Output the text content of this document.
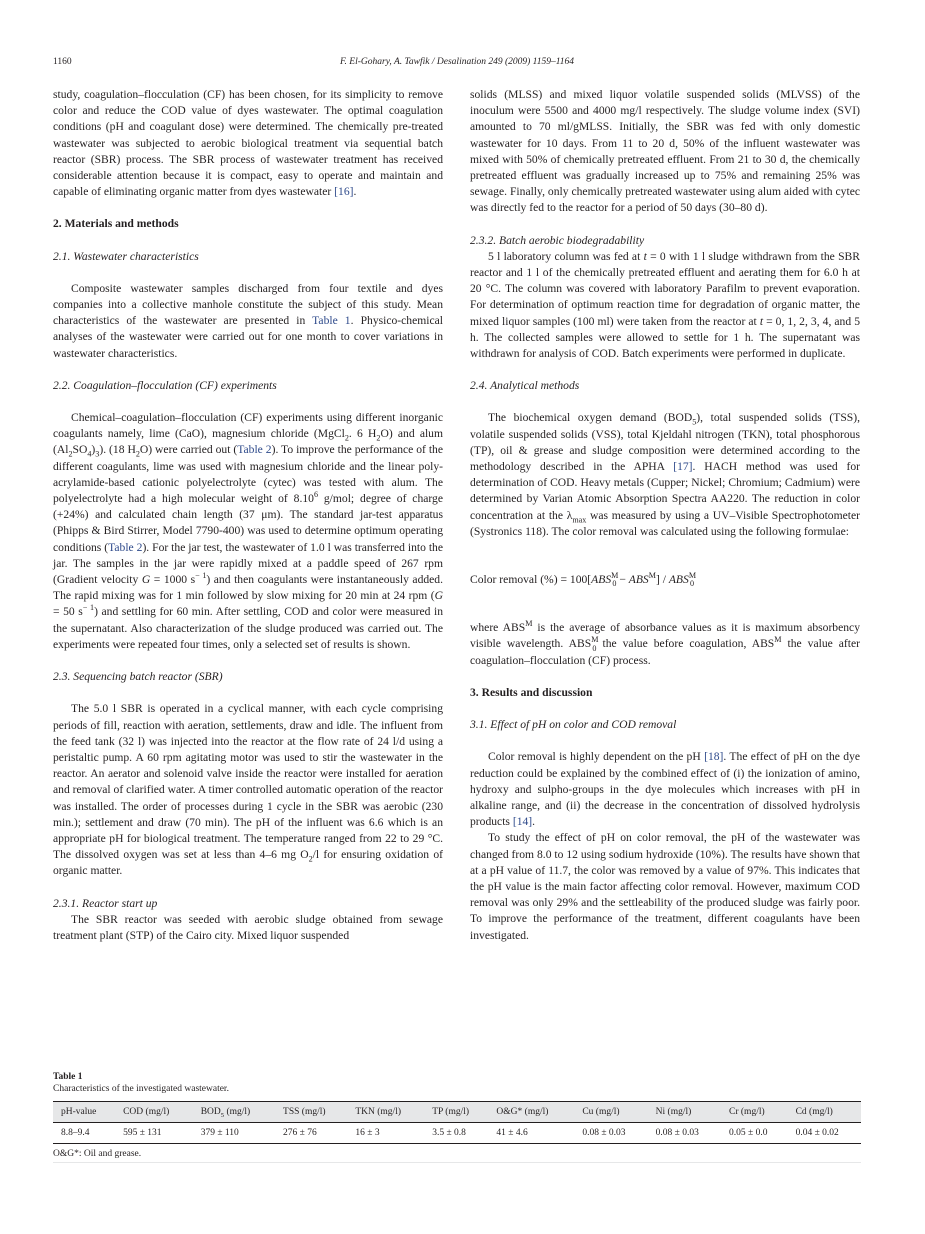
1160	F. El-Gohary, A. Tawfik / Desalination 249 (2009) 1159–1164

study, coagulation–flocculation (CF) has been chosen, for its simplicity to remove color and reduce the COD value of dyes wastewater. The optimal coagulation conditions (pH and coagulant dose) were determined. The chemically pre-treated wastewater was subjected to aerobic biological treatment via sequential batch reactor (SBR) process. The SBR process of wastewater treatment has received considerable attention because it is compact, easy to operate and maintain and capable of eliminating organic matter from dyes wastewater [16].

2. Materials and methods

2.1. Wastewater characteristics

Composite wastewater samples discharged from four textile and dyes companies into a collective manhole constitute the subject of this study. Mean characteristics of the wastewater are presented in Table 1. Physico-chemical analyses of the wastewater were carried out for one month to cover variations in wastewater characteristics.

2.2. Coagulation–flocculation (CF) experiments

Chemical–coagulation–flocculation (CF) experiments using different inorganic coagulants namely, lime (CaO), magnesium chloride (MgCl$_2$. 6 $H_2O$) and alum $(Al_2SO_4)_3$). (18 $H_2O$) were carried out (Table 2). To improve the performance of the different coagulants, lime was used with magnesium chloride and the linear poly-acrylamide-based cationic polyelectrolyte (cytec) was tested with alum. The polyelectrolyte had a high molecular weight of 8.10$^6$ g/mol; degree of charge (+24%) and calculated chain length (37 μm). The standard jar-test apparatus (Phipps & Bird Stirrer, Model 7790-400) was used to determine optimum operating conditions (Table 2). For the jar test, the wastewater of 1.0 l was transferred into the jar. The samples in the jar were rapidly mixed at a paddle speed of 267 rpm (Gradient velocity G = 1000 $s^{- 1}$) and then coagulants were instantaneously added. The rapid mixing was for 1 min followed by slow mixing for 20 min at 24 rpm (G = 50 $s^{- 1}$) and settling for 60 min. After settling, COD and color were measured in the supernatant. Also characterization of the sludge produced was carried out. The experiments were repeated four times, only a selected set of results is shown.

2.3. Sequencing batch reactor (SBR)

The 5.0 l SBR is operated in a cyclical manner, with each cycle comprising periods of fill, reaction with aeration, settlements, draw and idle. The influent from the feed tank (32 l) was injected into the reactor at the flow rate of 24 l/d using a peristaltic pump. A 60 rpm agitating motor was used to stir the wastewater in the reactor. An aerator and solenoid valve inside the reactor were installed for aeration and removal of clarified water. A timer controlled automatic operation of the reactor was installed. The order of processes during 1 cycle in the SBR was aerobic (230 min.); settlement and draw (70 min). The pH of the influent was 6.6 which is an appropriate pH for biological treatment. The temperature ranged from 22 to 29 °C. The dissolved oxygen was set at less than 4–6 mg $O_2/l$ for ensuring oxidation of organic matter.

2.3.1. Reactor start up

The SBR reactor was seeded with aerobic sludge obtained from sewage treatment plant (STP) of the Cairo city. Mixed liquor suspended

solids (MLSS) and mixed liquor volatile suspended solids (MLVSS) of the inoculum were 5500 and 4000 mg/l respectively. The sludge volume index (SVI) amounted to 70 ml/gMLSS. Initially, the SBR was fed with only domestic wastewater for 10 days. From 11 to 20 d, 50% of the influent wastewater was mixed with 50% of chemically pretreated effluent. From 21 to 30 d, the chemically pretreated effluent was gradually increased up to 75% and remaining 25% was sewage. Finally, only chemically pretreated wastewater using alum aided with cytec was directly fed to the reactor for a period of 50 days (30–80 d).

2.3.2. Batch aerobic biodegradability

5 l laboratory column was fed at t = 0 with 1 l sludge withdrawn from the SBR reactor and 1 l of the chemically pretreated effluent and aerating them for 6.0 h at 20 °C. The column was covered with laboratory Parafilm to prevent evaporation. For determination of optimum reaction time for degradation of organic matter, the mixed liquor samples (100 ml) were taken from the reactor at t = 0, 1, 2, 3, 4, and 5 h. The collected samples were allowed to settle for 1 h. The supernatant was withdrawn for analysis of COD. Batch experiments were performed in duplicate.

2.4. Analytical methods

The biochemical oxygen demand $(BOD_5)$, total suspended solids (TSS), volatile suspended solids (VSS), total Kjeldahl nitrogen (TKN), total phosphorous (TP), oil & grease and sludge composition were determined according to the methodology described in the APHA [17]. HACH method was used for determination of COD. Heavy metals (Cupper; Nickel; Chromium; Cadmium) were determined by Varian Atomic Absorption Spectra AA220. The reduction in color concentration at the $\lambda_{max}$ was measured by using a UV–Visible Spectrophotometer (Systronics 118). The color removal was calculated using the following formulae:

Color removal (%) = $100[ABS^M_0 - ABS^M] / ABS^M_0$

where $ABS^M$ is the average of absorbance values as it is maximum absorbency visible wavelength. $ABS^M_0$ the value before coagulation, $ABS^M$ the value after coagulation–flocculation (CF) process.

3. Results and discussion

3.1. Effect of pH on color and COD removal

Color removal is highly dependent on the pH [18]. The effect of pH on the dye reduction could be explained by the combined effect of (i) the ionization of amino, hydroxy and sulpho-groups in the dye molecules which increases with pH in alkaline range, and (ii) the decrease in the concentration of dissolved hydrolysis products [14].

To study the effect of pH on color removal, the pH of the wastewater was changed from 8.0 to 12 using sodium hydroxide (10%). The results have shown that at a pH value of 11.7, the color was removed by a value of 97%. This indicates that the pH value is the main factor affecting color removal. However, maximum COD removal was only 29% and the settleability of the produced sludge was fairly poor. To improve the performance of the treatment, different coagulants have been investigated.

Table 1
Characteristics of the investigated wastewater.
pH-value	COD (mg/l)	$BOD_5$ (mg/l)	TSS (mg/l)	TKN (mg/l)	TP (mg/l)	O&G* (mg/l)	Cu (mg/l)	Ni (mg/l)	Cr (mg/l)	Cd (mg/l)
8.8–9.4	595 ± 131	379 ± 110	276 ± 76	16 ± 3	3.5 ± 0.8	41 ± 4.6	0.08 ± 0.03	0.08 ± 0.03	0.05 ± 0.0	0.04 ± 0.02
O&G*: Oil and grease.
